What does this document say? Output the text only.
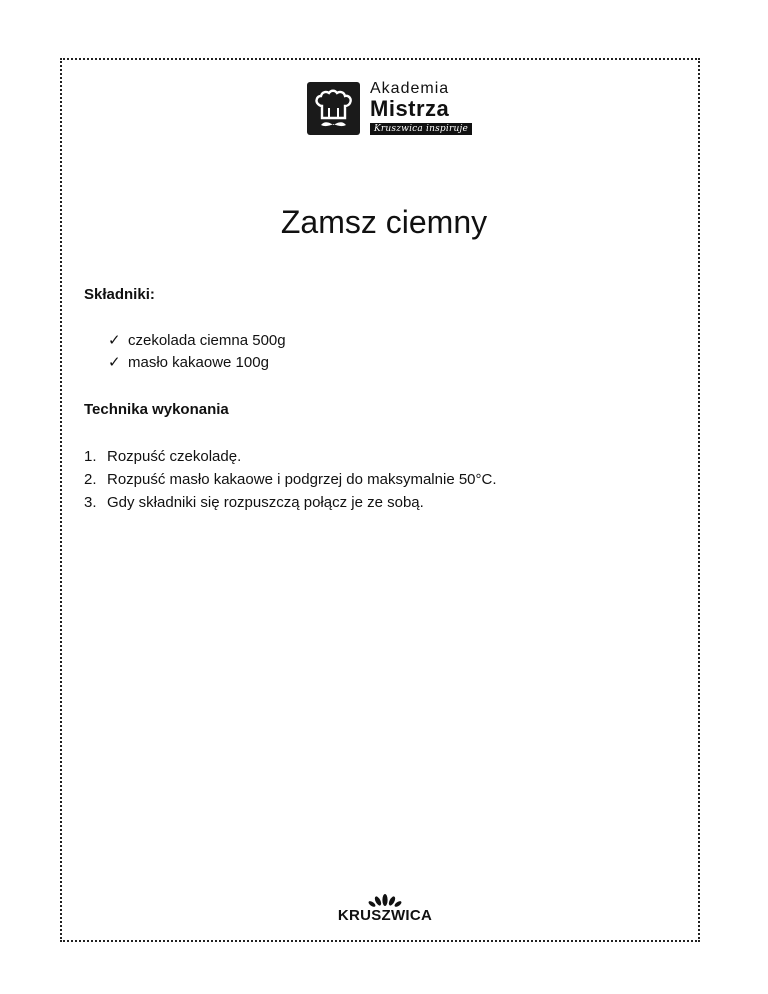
Akademia
Mistrza
Kruszwica inspiruje
Zamsz ciemny
Składniki:
✓ czekolada ciemna 500g
✓ masło kakaowe 100g
Technika wykonania
1. Rozpuść czekoladę.
2. Rozpuść masło kakaowe i podgrzej do maksymalnie 50°C.
3. Gdy składniki się rozpuszczą połącz je ze sobą.
KRUSZWICA
